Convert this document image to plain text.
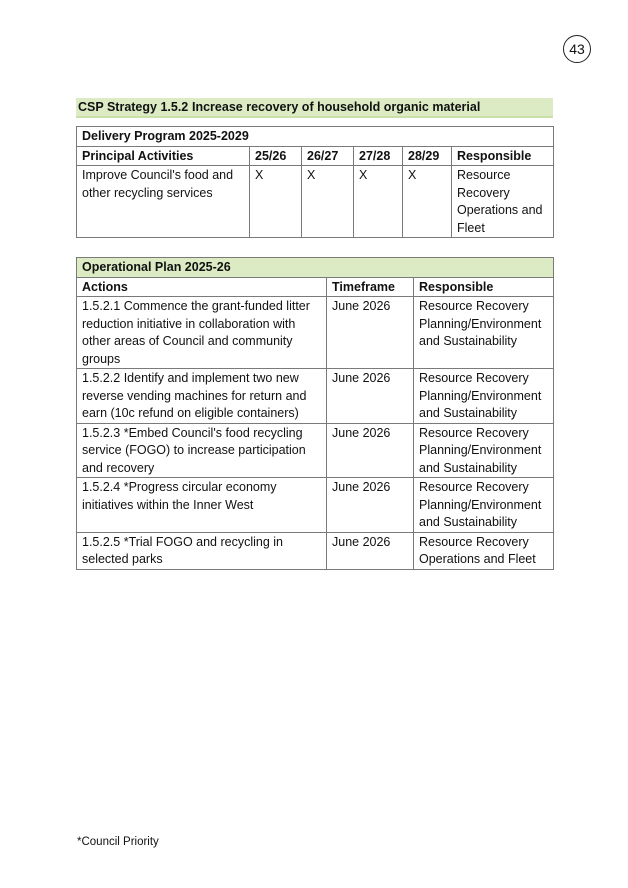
43
CSP Strategy 1.5.2 Increase recovery of household organic material
Delivery Program 2025-2029					
Principal Activities	25/26	26/27	27/28	28/29	Responsible
Improve Council's food and other recycling services	X	X	X	X	Resource Recovery Operations and Fleet
Operational Plan 2025-26		
Actions	Timeframe	Responsible
1.5.2.1 Commence the grant-funded litter reduction initiative in collaboration with other areas of Council and community groups	June 2026	Resource Recovery Planning/Environment and Sustainability
1.5.2.2 Identify and implement two new reverse vending machines for return and earn (10c refund on eligible containers)	June 2026	Resource Recovery Planning/Environment and Sustainability
1.5.2.3 *Embed Council's food recycling service (FOGO) to increase participation and recovery	June 2026	Resource Recovery Planning/Environment and Sustainability
1.5.2.4 *Progress circular economy initiatives within the Inner West	June 2026	Resource Recovery Planning/Environment and Sustainability
1.5.2.5 *Trial FOGO and recycling in selected parks	June 2026	Resource Recovery Operations and Fleet
*Council Priority
